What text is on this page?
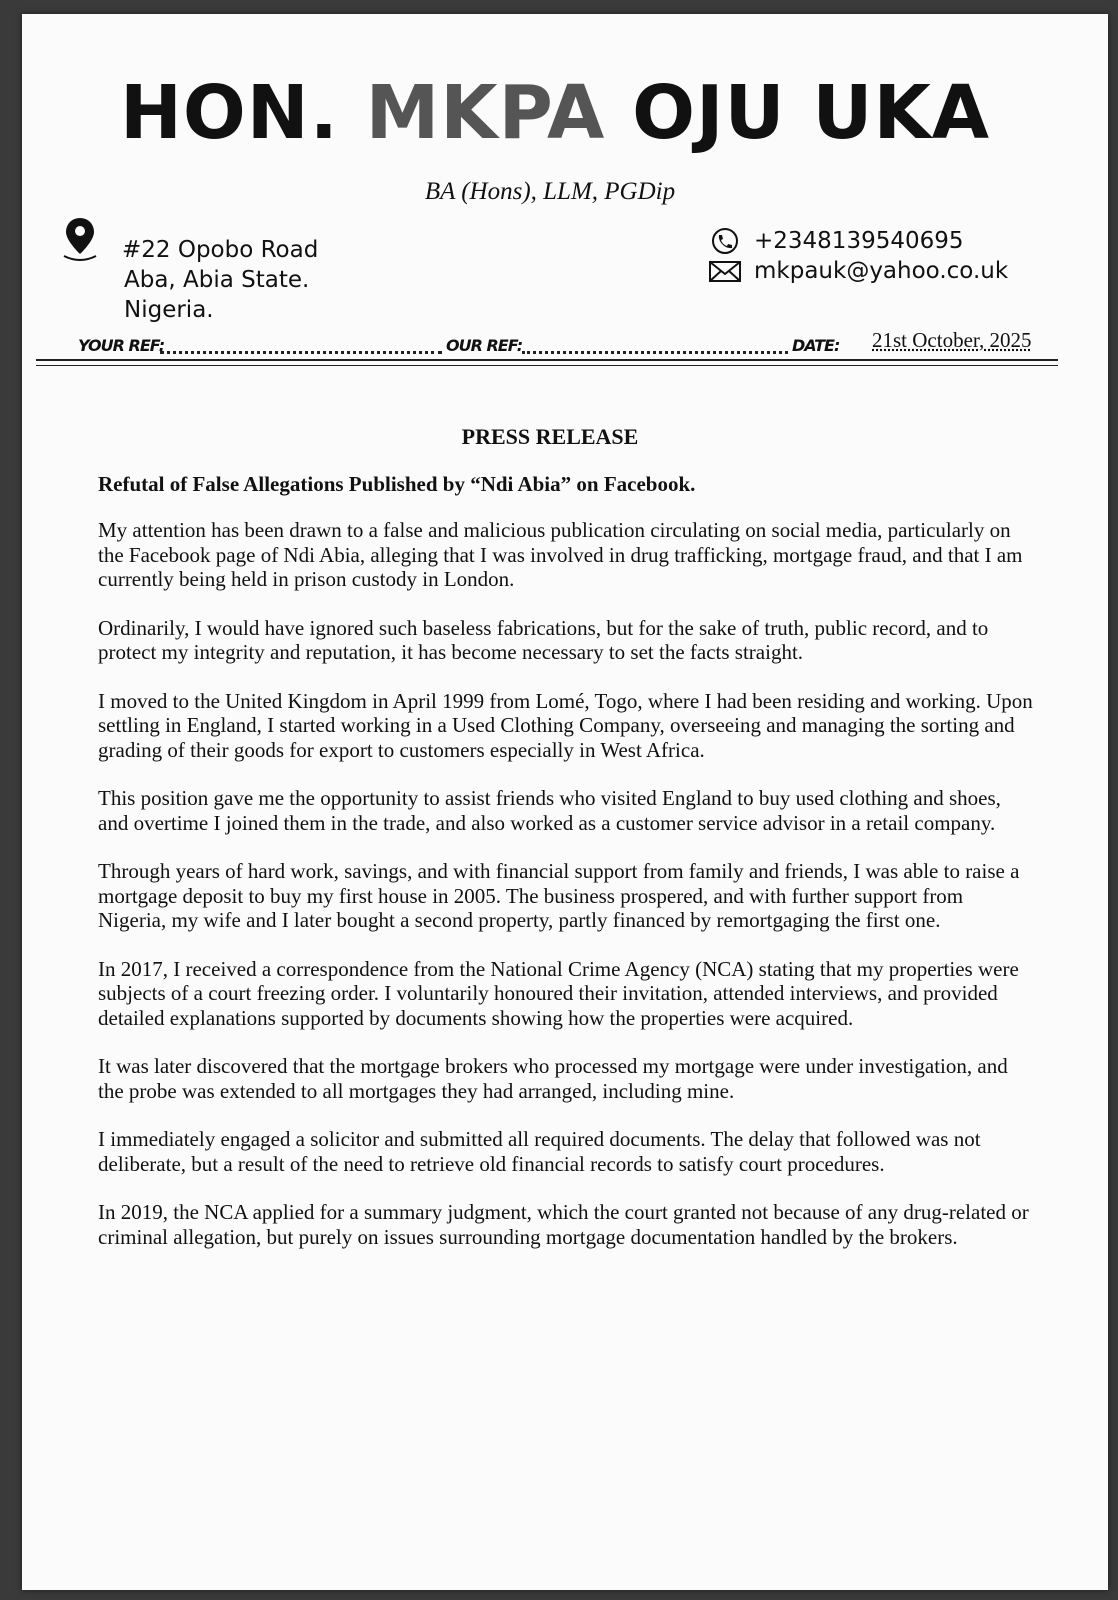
HON. MKPA OJU UKA
BA (Hons), LLM, PGDip
#22 Opobo Road
Aba, Abia State.
Nigeria.
+2348139540695
mkpauk@yahoo.co.uk
YOUR REF:	OUR REF:	DATE: 21st October, 2025
PRESS RELEASE
Refutal of False Allegations Published by “Ndi Abia” on Facebook.

My attention has been drawn to a false and malicious publication circulating on social media, particularly on the Facebook page of Ndi Abia, alleging that I was involved in drug trafficking, mortgage fraud, and that I am currently being held in prison custody in London.

Ordinarily, I would have ignored such baseless fabrications, but for the sake of truth, public record, and to protect my integrity and reputation, it has become necessary to set the facts straight.

I moved to the United Kingdom in April 1999 from Lomé, Togo, where I had been residing and working. Upon settling in England, I started working in a Used Clothing Company, overseeing and managing the sorting and grading of their goods for export to customers especially in West Africa.

This position gave me the opportunity to assist friends who visited England to buy used clothing and shoes, and overtime I joined them in the trade, and also worked as a customer service advisor in a retail company.

Through years of hard work, savings, and with financial support from family and friends, I was able to raise a mortgage deposit to buy my first house in 2005. The business prospered, and with further support from Nigeria, my wife and I later bought a second property, partly financed by remortgaging the first one.

In 2017, I received a correspondence from the National Crime Agency (NCA) stating that my properties were subjects of a court freezing order. I voluntarily honoured their invitation, attended interviews, and provided detailed explanations supported by documents showing how the properties were acquired.

It was later discovered that the mortgage brokers who processed my mortgage were under investigation, and the probe was extended to all mortgages they had arranged, including mine.

I immediately engaged a solicitor and submitted all required documents. The delay that followed was not deliberate, but a result of the need to retrieve old financial records to satisfy court procedures.

In 2019, the NCA applied for a summary judgment, which the court granted not because of any drug-related or criminal allegation, but purely on issues surrounding mortgage documentation handled by the brokers.
